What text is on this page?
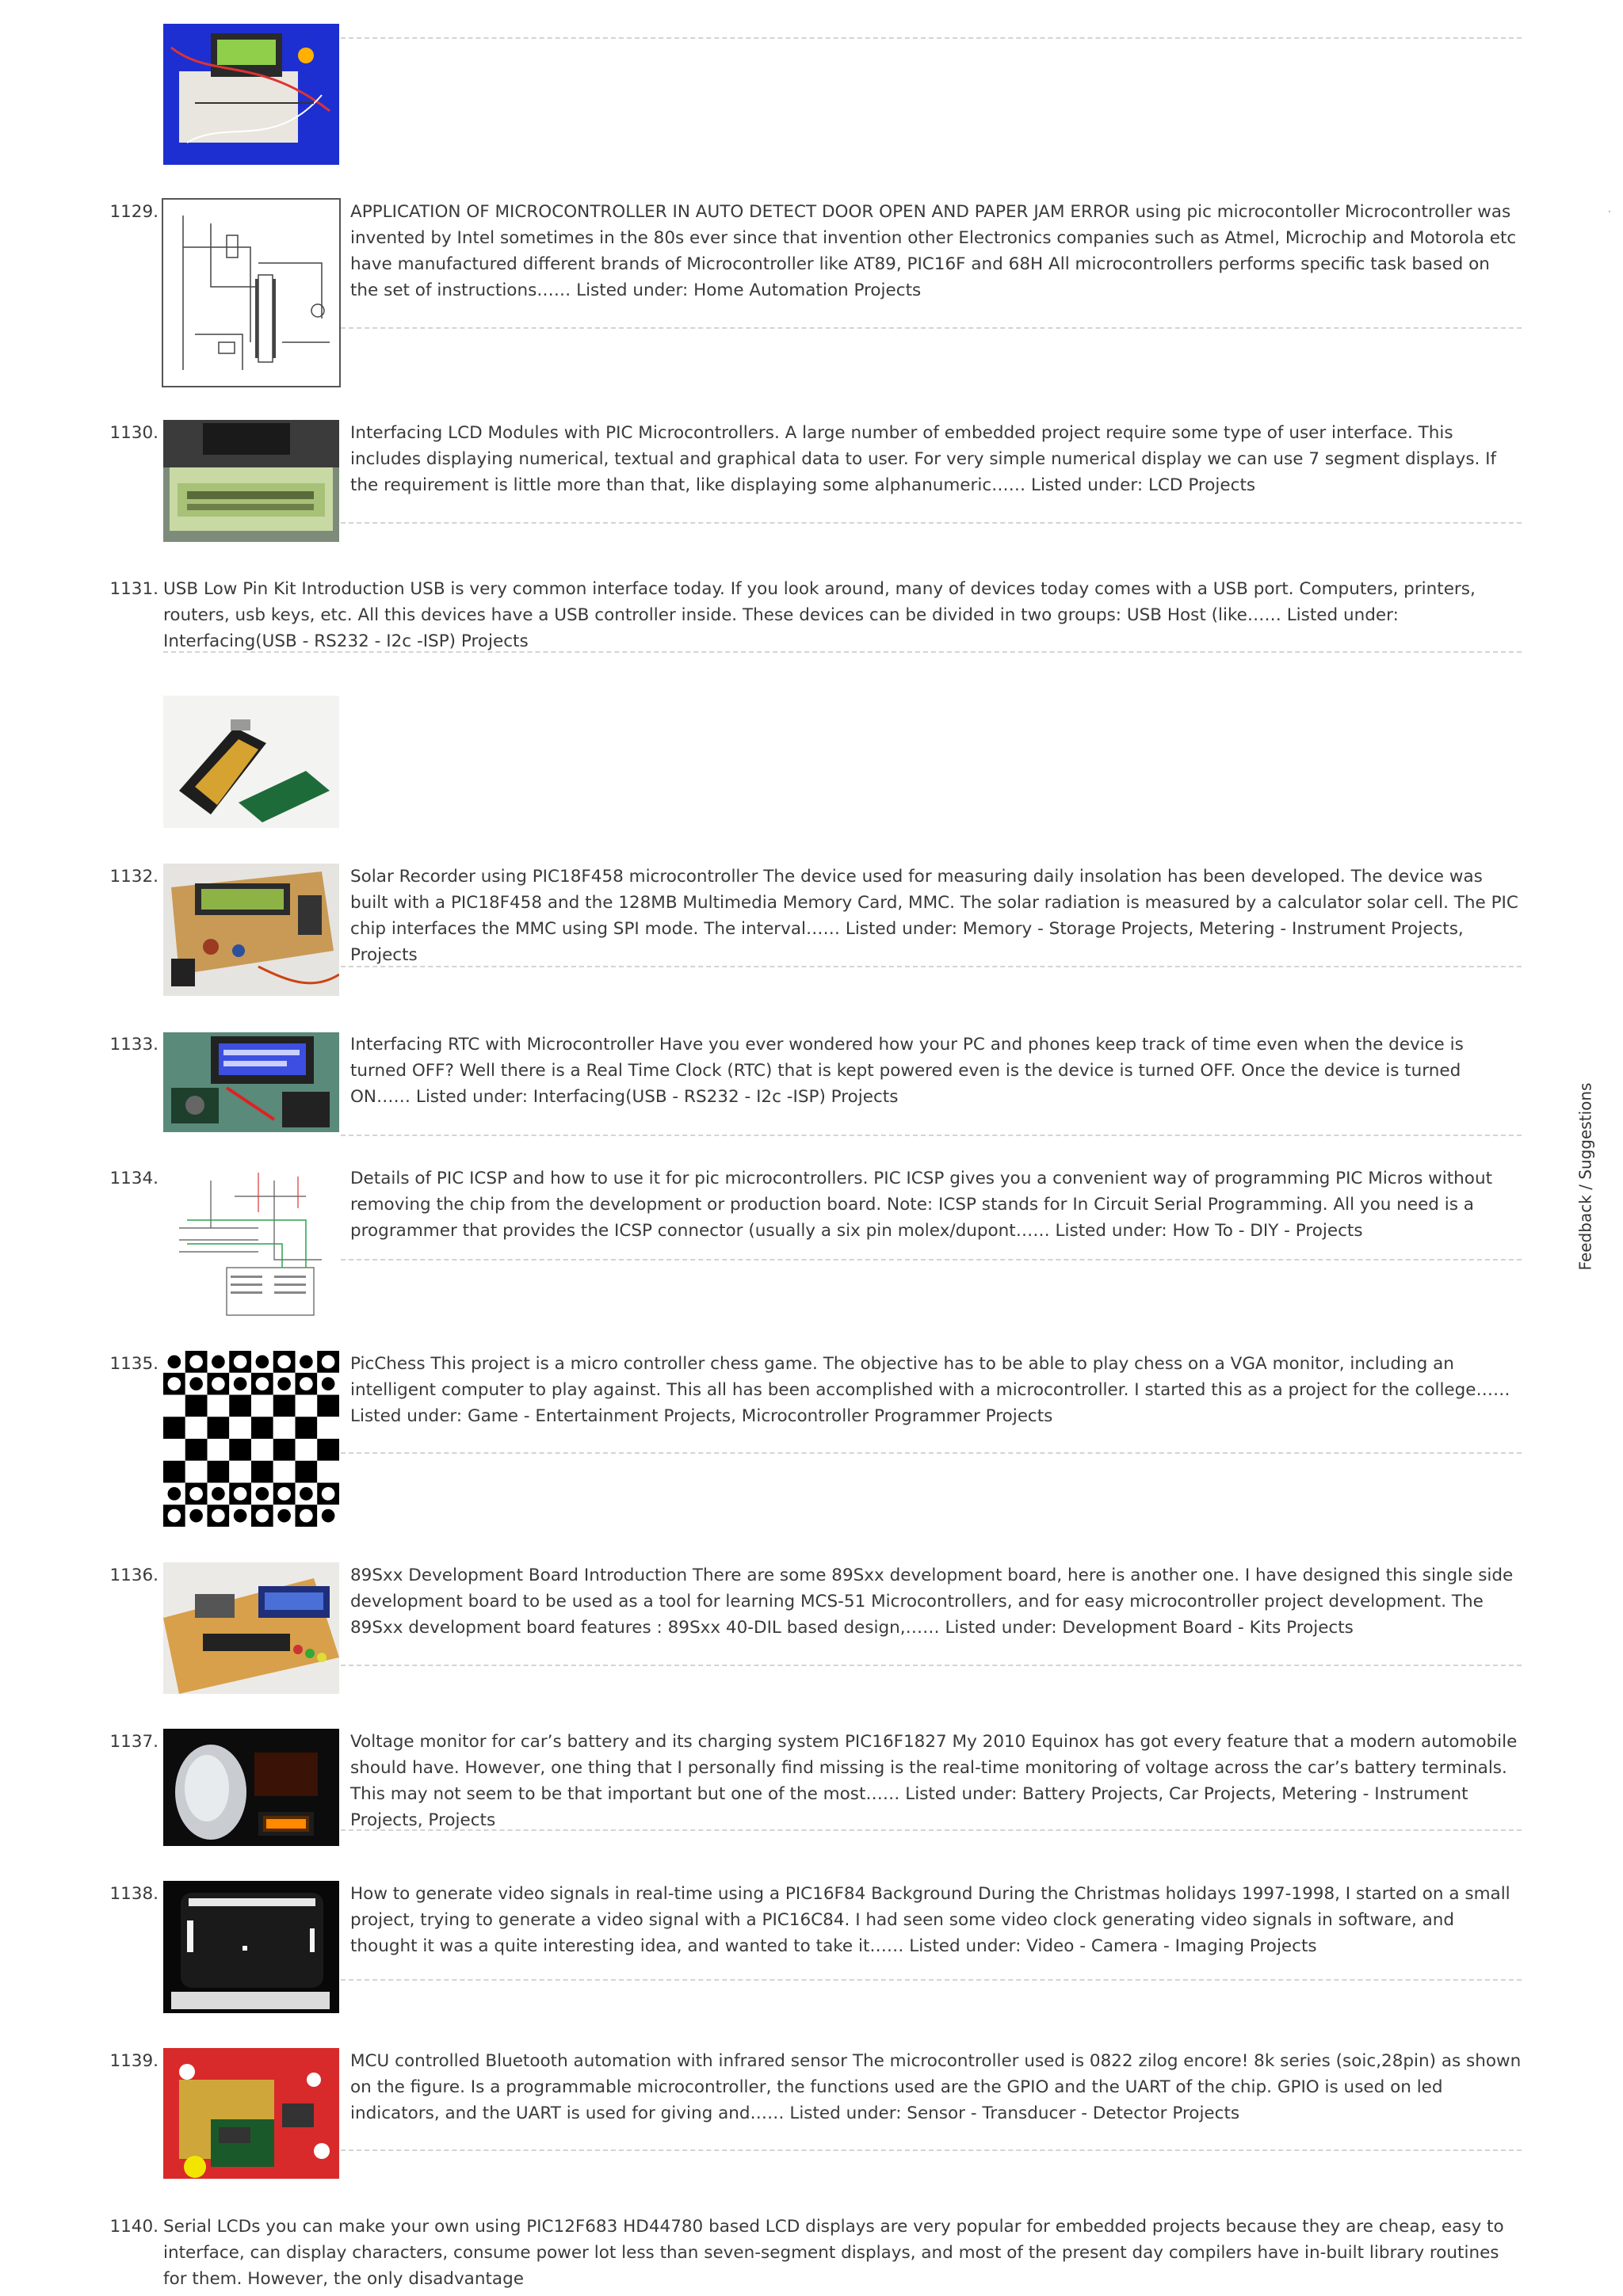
1129.	APPLICATION OF MICROCONTROLLER IN AUTO DETECT DOOR OPEN AND PAPER JAM ERROR using pic microcontoller Microcontroller was invented by Intel sometimes in the 80s ever since that invention other Electronics companies such as Atmel, Microchip and Motorola etc have manufactured different brands of Microcontroller like AT89, PIC16F and 68H All microcontrollers performs specific task based on the set of instructions…… Listed under: Home Automation Projects
1130.	Interfacing LCD Modules with PIC Microcontrollers. A large number of embedded project require some type of user interface. This includes displaying numerical, textual and graphical data to user. For very simple numerical display we can use 7 segment displays. If the requirement is little more than that, like displaying some alphanumeric…… Listed under: LCD Projects
1131. USB Low Pin Kit Introduction USB is very common interface today. If you look around, many of devices today comes with a USB port. Computers, printers, routers, usb keys, etc. All this devices have a USB controller inside. These devices can be divided in two groups: USB Host (like…… Listed under: Interfacing(USB - RS232 - I2c -ISP) Projects
1132.	Solar Recorder using PIC18F458 microcontroller The device used for measuring daily insolation has been developed. The device was built with a PIC18F458 and the 128MB Multimedia Memory Card, MMC. The solar radiation is measured by a calculator solar cell. The PIC chip interfaces the MMC using SPI mode. The interval…… Listed under: Memory - Storage Projects, Metering - Instrument Projects, Projects
1133.	Interfacing RTC with Microcontroller Have you ever wondered how your PC and phones keep track of time even when the device is turned OFF? Well there is a Real Time Clock (RTC) that is kept powered even is the device is turned OFF. Once the device is turned ON…… Listed under: Interfacing(USB - RS232 - I2c -ISP) Projects
1134.	Details of PIC ICSP and how to use it for pic microcontrollers. PIC ICSP gives you a convenient way of programming PIC Micros without removing the chip from the development or production board. Note: ICSP stands for In Circuit Serial Programming. All you need is a programmer that provides the ICSP connector (usually a six pin molex/dupont…… Listed under: How To - DIY - Projects
1135.	PicChess This project is a micro controller chess game. The objective has to be able to play chess on a VGA monitor, including an intelligent computer to play against. This all has been accomplished with a microcontroller. I started this as a project for the college…… Listed under: Game - Entertainment Projects, Microcontroller Programmer Projects
1136.	89Sxx Development Board Introduction There are some 89Sxx development board, here is another one. I have designed this single side development board to be used as a tool for learning MCS-51 Microcontrollers, and for easy microcontroller project development. The 89Sxx development board features : 89Sxx 40-DIL based design,…… Listed under: Development Board - Kits Projects
1137.	Voltage monitor for car’s battery and its charging system PIC16F1827 My 2010 Equinox has got every feature that a modern automobile should have. However, one thing that I personally find missing is the real-time monitoring of voltage across the car’s battery terminals. This may not seem to be that important but one of the most…… Listed under: Battery Projects, Car Projects, Metering - Instrument Projects, Projects
1138.	How to generate video signals in real-time using a PIC16F84 Background During the Christmas holidays 1997-1998, I started on a small project, trying to generate a video signal with a PIC16C84. I had seen some video clock generating video signals in software, and thought it was a quite interesting idea, and wanted to take it…… Listed under: Video - Camera - Imaging Projects
1139.	MCU controlled Bluetooth automation with infrared sensor The microcontroller used is 0822 zilog encore! 8k series (soic,28pin) as shown on the figure. Is a programmable microcontroller, the functions used are the GPIO and the UART of the chip. GPIO is used on led indicators, and the UART is used for giving and…… Listed under: Sensor - Transducer - Detector Projects
1140. Serial LCDs you can make your own using PIC12F683 HD44780 based LCD displays are very popular for embedded projects because they are cheap, easy to interface, can display characters, consume power lot less than seven-segment displays, and most of the present day compilers have in-built library routines for them. However, the only disadvantage
Feedback / Suggestions
